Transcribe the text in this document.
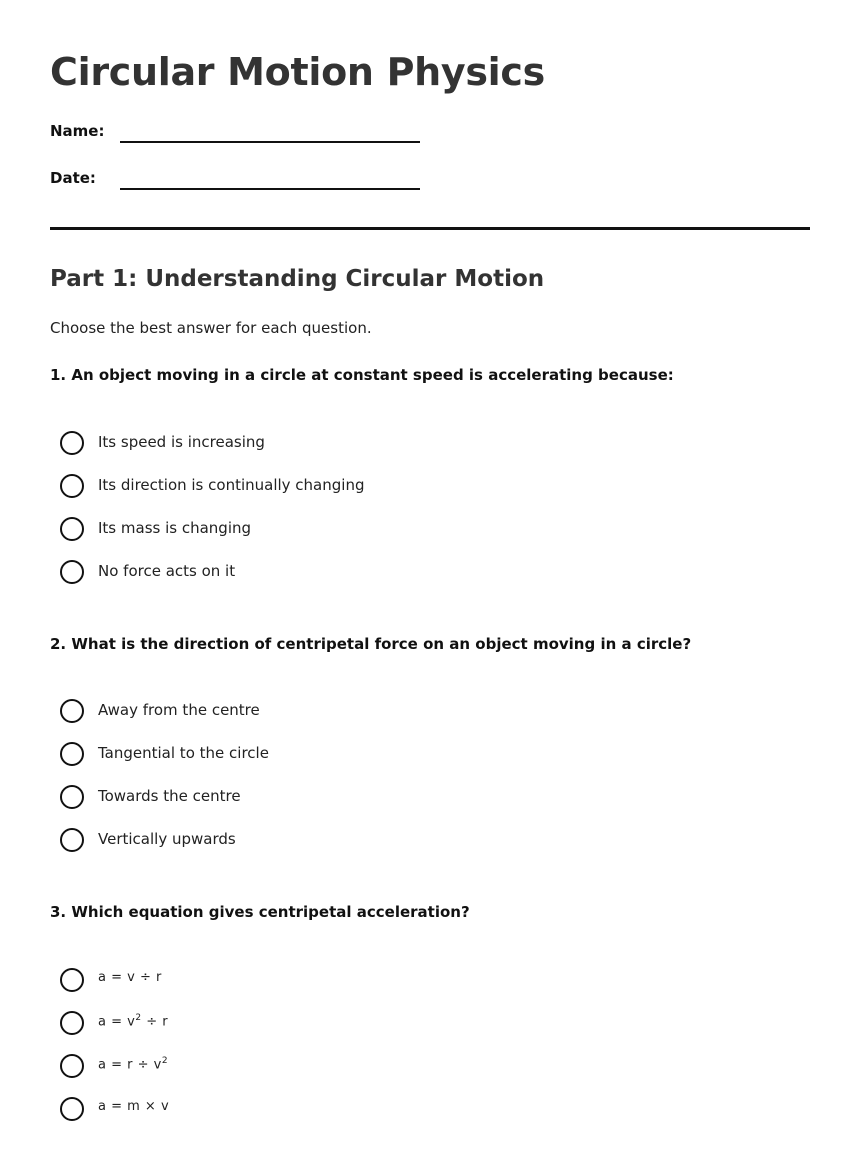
Circular Motion Physics
Name:
Date:
Part 1: Understanding Circular Motion
Choose the best answer for each question.
1. An object moving in a circle at constant speed is accelerating because:
Its speed is increasing
Its direction is continually changing
Its mass is changing
No force acts on it
2. What is the direction of centripetal force on an object moving in a circle?
Away from the centre
Tangential to the circle
Towards the centre
Vertically upwards
3. Which equation gives centripetal acceleration?
a = v ÷ r
$a = v^2 \div r$
$a = r \div v^2$
a = m × v
